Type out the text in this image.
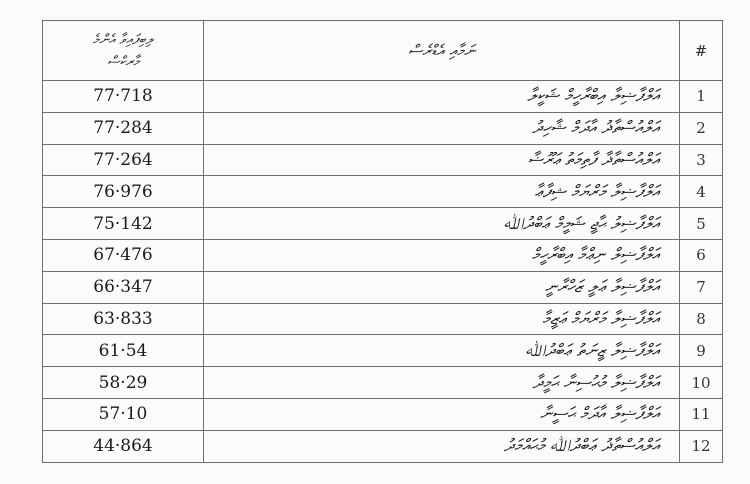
ލިބިފައިވާ އެންމެ
މާރކްސް	ނަމާއި އެޑްރެސް	#
77·718	އަލްފާޟިލާ އިބްރާހީމް ޝަކީލާ	1
77·284	އަލްއުސްތާޛު އާދަމް ޝާހިދު	2
77·264	އަލްއުސްތާޛާ ފާތިމަތު ޢަރޫޟާ	3
76·976	އަލްފާޟިލާ މަރްޔަމް ޝިފާޢާ	4
75·142	އަލްފާޟިލު ޙާޖީ ޝަމީމް ޢަބްދުﷲ	5
67·476	އަލްފާޟިލް ނިޢްމާ އިބްރާހީމް	6
66·347	އަލްފާޟިލާ ޢަލީ ޒަހްރާނީ	7
63·833	އަލްފާޟިލާ މަރްޔަމް ޢަޒީމާ	8
61·54	އަލްފާޟިލާ ޒީނަތު ޢަބްދުﷲ	9
58·29	އަލްފާޟިލާ މުޙުސިނާ ޙަމީދާ	10
57·10	އަލްފާޟިލާ އާދަމް ޙަސީނާ	11
44·864	އަލްއުސްތާޛު ޢަބްދުﷲ މުޙައްމަދު	12
